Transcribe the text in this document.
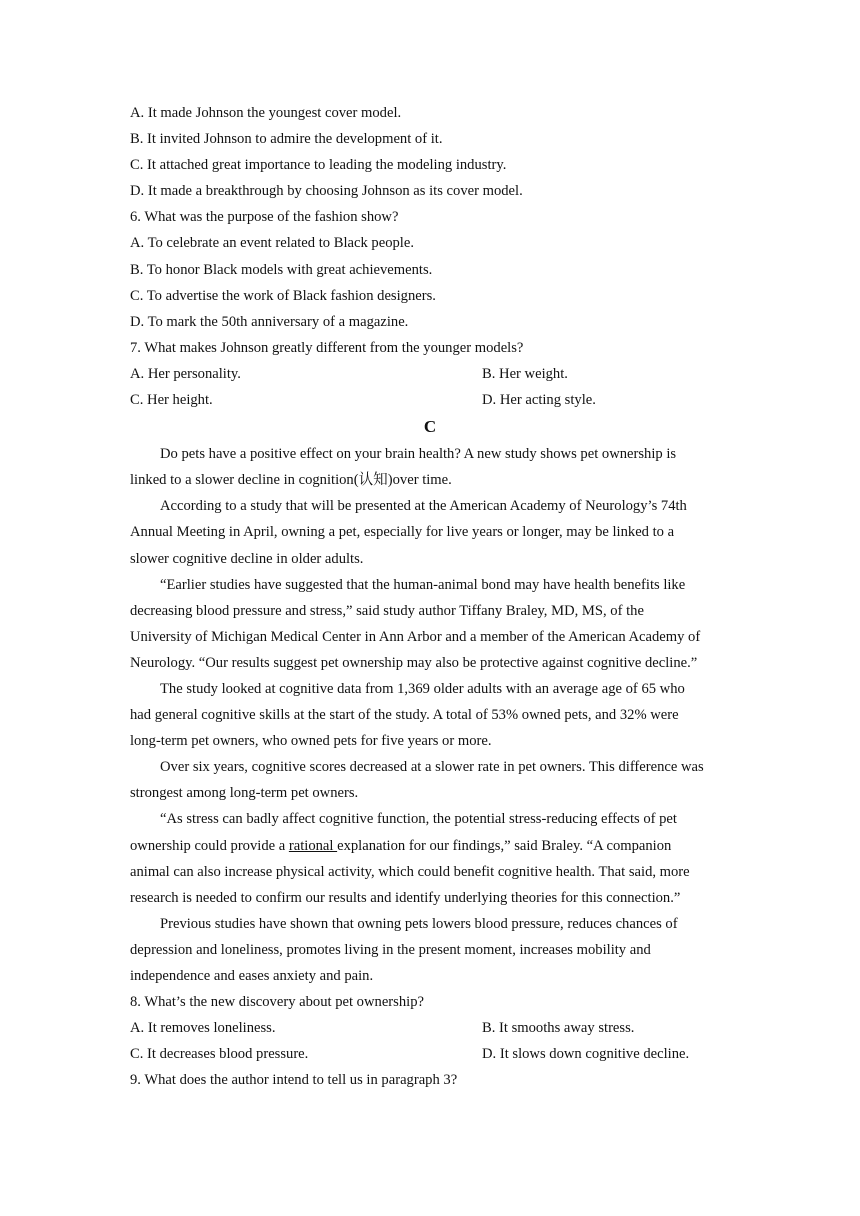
A. It made Johnson the youngest cover model.
B. It invited Johnson to admire the development of it.
C. It attached great importance to leading the modeling industry.
D. It made a breakthrough by choosing Johnson as its cover model.
6. What was the purpose of the fashion show?
A. To celebrate an event related to Black people.
B. To honor Black models with great achievements.
C. To advertise the work of Black fashion designers.
D. To mark the 50th anniversary of a magazine.
7. What makes Johnson greatly different from the younger models?
A. Her personality.	B. Her weight.
C. Her height.	D. Her acting style.
C
Do pets have a positive effect on your brain health? A new study shows pet ownership is
linked to a slower decline in cognition(认知)over time.
According to a study that will be presented at the American Academy of Neurology’s 74th
Annual Meeting in April, owning a pet, especially for live years or longer, may be linked to a
slower cognitive decline in older adults.
“Earlier studies have suggested that the human-animal bond may have health benefits like
decreasing blood pressure and stress,” said study author Tiffany Braley, MD, MS, of the
University of Michigan Medical Center in Ann Arbor and a member of the American Academy of
Neurology. “Our results suggest pet ownership may also be protective against cognitive decline.”
The study looked at cognitive data from 1,369 older adults with an average age of 65 who
had general cognitive skills at the start of the study. A total of 53% owned pets, and 32% were
long-term pet owners, who owned pets for five years or more.
Over six years, cognitive scores decreased at a slower rate in pet owners. This difference was
strongest among long-term pet owners.
“As stress can badly affect cognitive function, the potential stress-reducing effects of pet
ownership could provide a rational explanation for our findings,” said Braley. “A companion
animal can also increase physical activity, which could benefit cognitive health. That said, more
research is needed to confirm our results and identify underlying theories for this connection.”
Previous studies have shown that owning pets lowers blood pressure, reduces chances of
depression and loneliness, promotes living in the present moment, increases mobility and
independence and eases anxiety and pain.
8. What’s the new discovery about pet ownership?
A. It removes loneliness.	B. It smooths away stress.
C. It decreases blood pressure.	D. It slows down cognitive decline.
9. What does the author intend to tell us in paragraph 3?
